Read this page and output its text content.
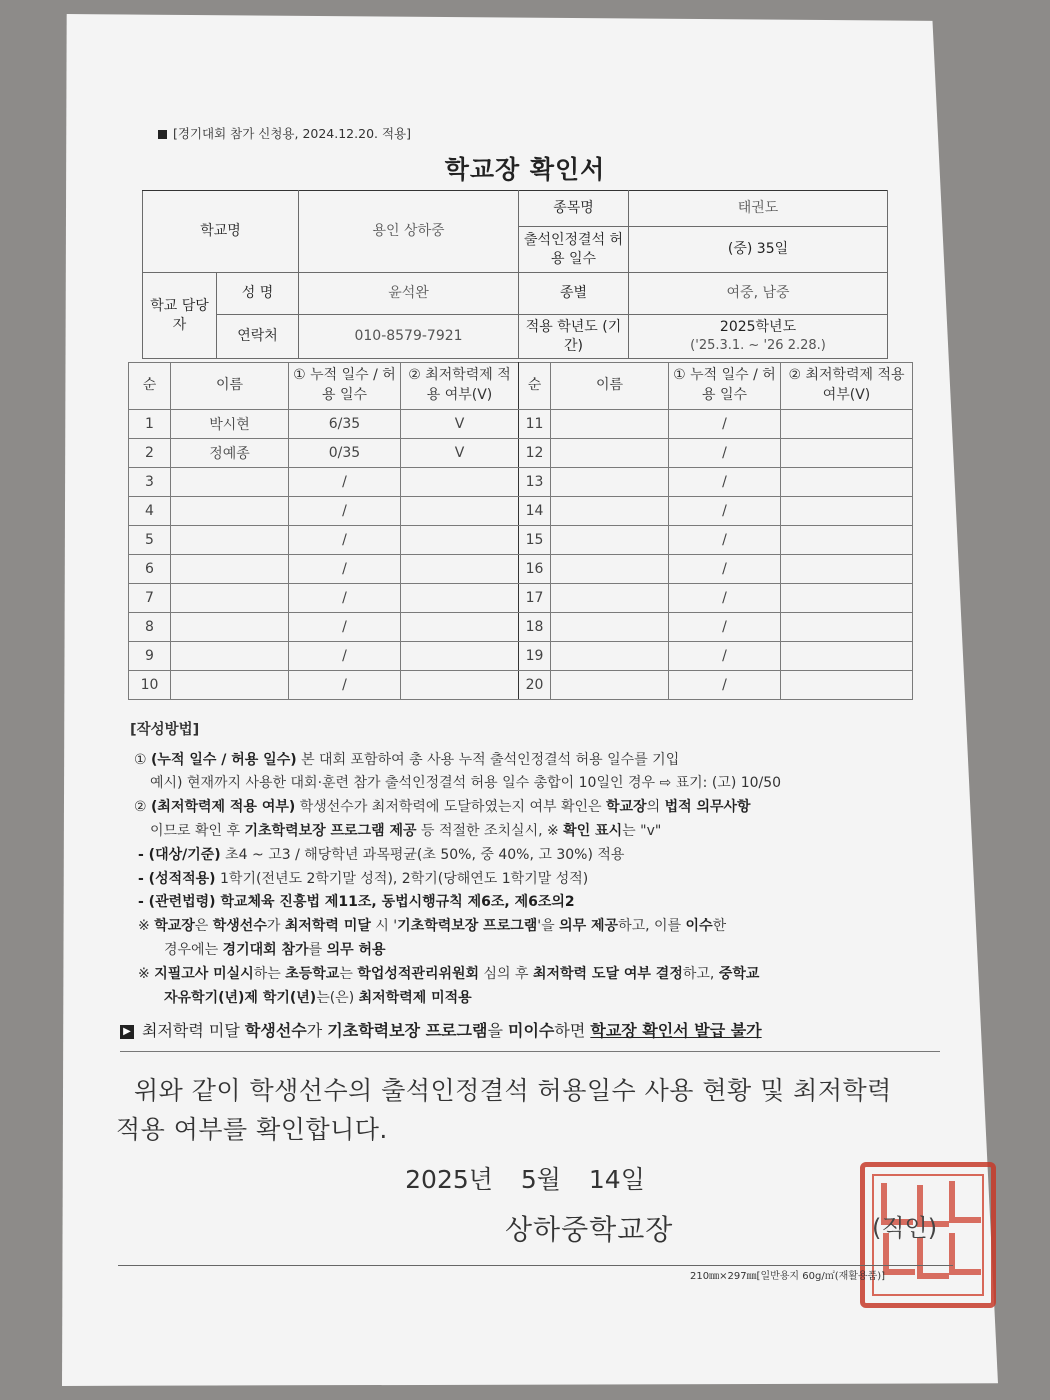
[경기대회 참가 신청용, 2024.12.20. 적용]
학교장 확인서
학교명		용인 상하중	종목명	태권도
			출석인정결석 허용 일수	(중) 35일
학교 담당자	성 명	윤석완	종별	여중, 남중
	연락처	010-8579-7921	적용 학년도 (기간)	2025학년도
('25.3.1. ~ '26 2.28.)
순	이름	① 누적 일수 / 허용 일수	② 최저학력제 적용 여부(V)	순	이름	① 누적 일수 / 허용 일수	② 최저학력제 적용 여부(V)
1	박시현	6/35	V	11		/	
2	정예종	0/35	V	12		/	
3		/		13		/	
4		/		14		/	
5		/		15		/	
6		/		16		/	
7		/		17		/	
8		/		18		/	
9		/		19		/	
10		/		20		/	

[작성방법]

① (누적 일수 / 허용 일수) 본 대회 포함하여 총 사용 누적 출석인정결석 허용 일수를 기입

예시) 현재까지 사용한 대회·훈련 참가 출석인정결석 허용 일수 총합이 10일인 경우 ⇨ 표기: (고) 10/50

② (최저학력제 적용 여부) 학생선수가 최저학력에 도달하였는지 여부 확인은 학교장의 법적 의무사항

이므로 확인 후 기초학력보장 프로그램 제공 등 적절한 조치실시, ※ 확인 표시는 "v"

- (대상/기준) 초4 ~ 고3 / 해당학년 과목평균(초 50%, 중 40%, 고 30%) 적용

- (성적적용) 1학기(전년도 2학기말 성적), 2학기(당해연도 1학기말 성적)

- (관련법령) 학교체육 진흥법 제11조, 동법시행규칙 제6조, 제6조의2

※ 학교장은 학생선수가 최저학력 미달 시 '기초학력보장 프로그램'을 의무 제공하고, 이를 이수한

경우에는 경기대회 참가를 의무 허용

※ 지필고사 미실시하는 초등학교는 학업성적관리위원회 심의 후 최저학력 도달 여부 결정하고, 중학교

자유학기(년)제 학기(년)는(은) 최저학력제 미적용

▶ 최저학력 미달 학생선수가 기초학력보장 프로그램을 미이수하면 학교장 확인서 발급 불가

위와 같이 학생선수의 출석인정결석 허용일수 사용 현황 및 최저학력

적용 여부를 확인합니다.

2025년 5월 14일
상하중학교장	(직인)
210㎜×297㎜[일반용지 60g/㎡(재활용품)]
